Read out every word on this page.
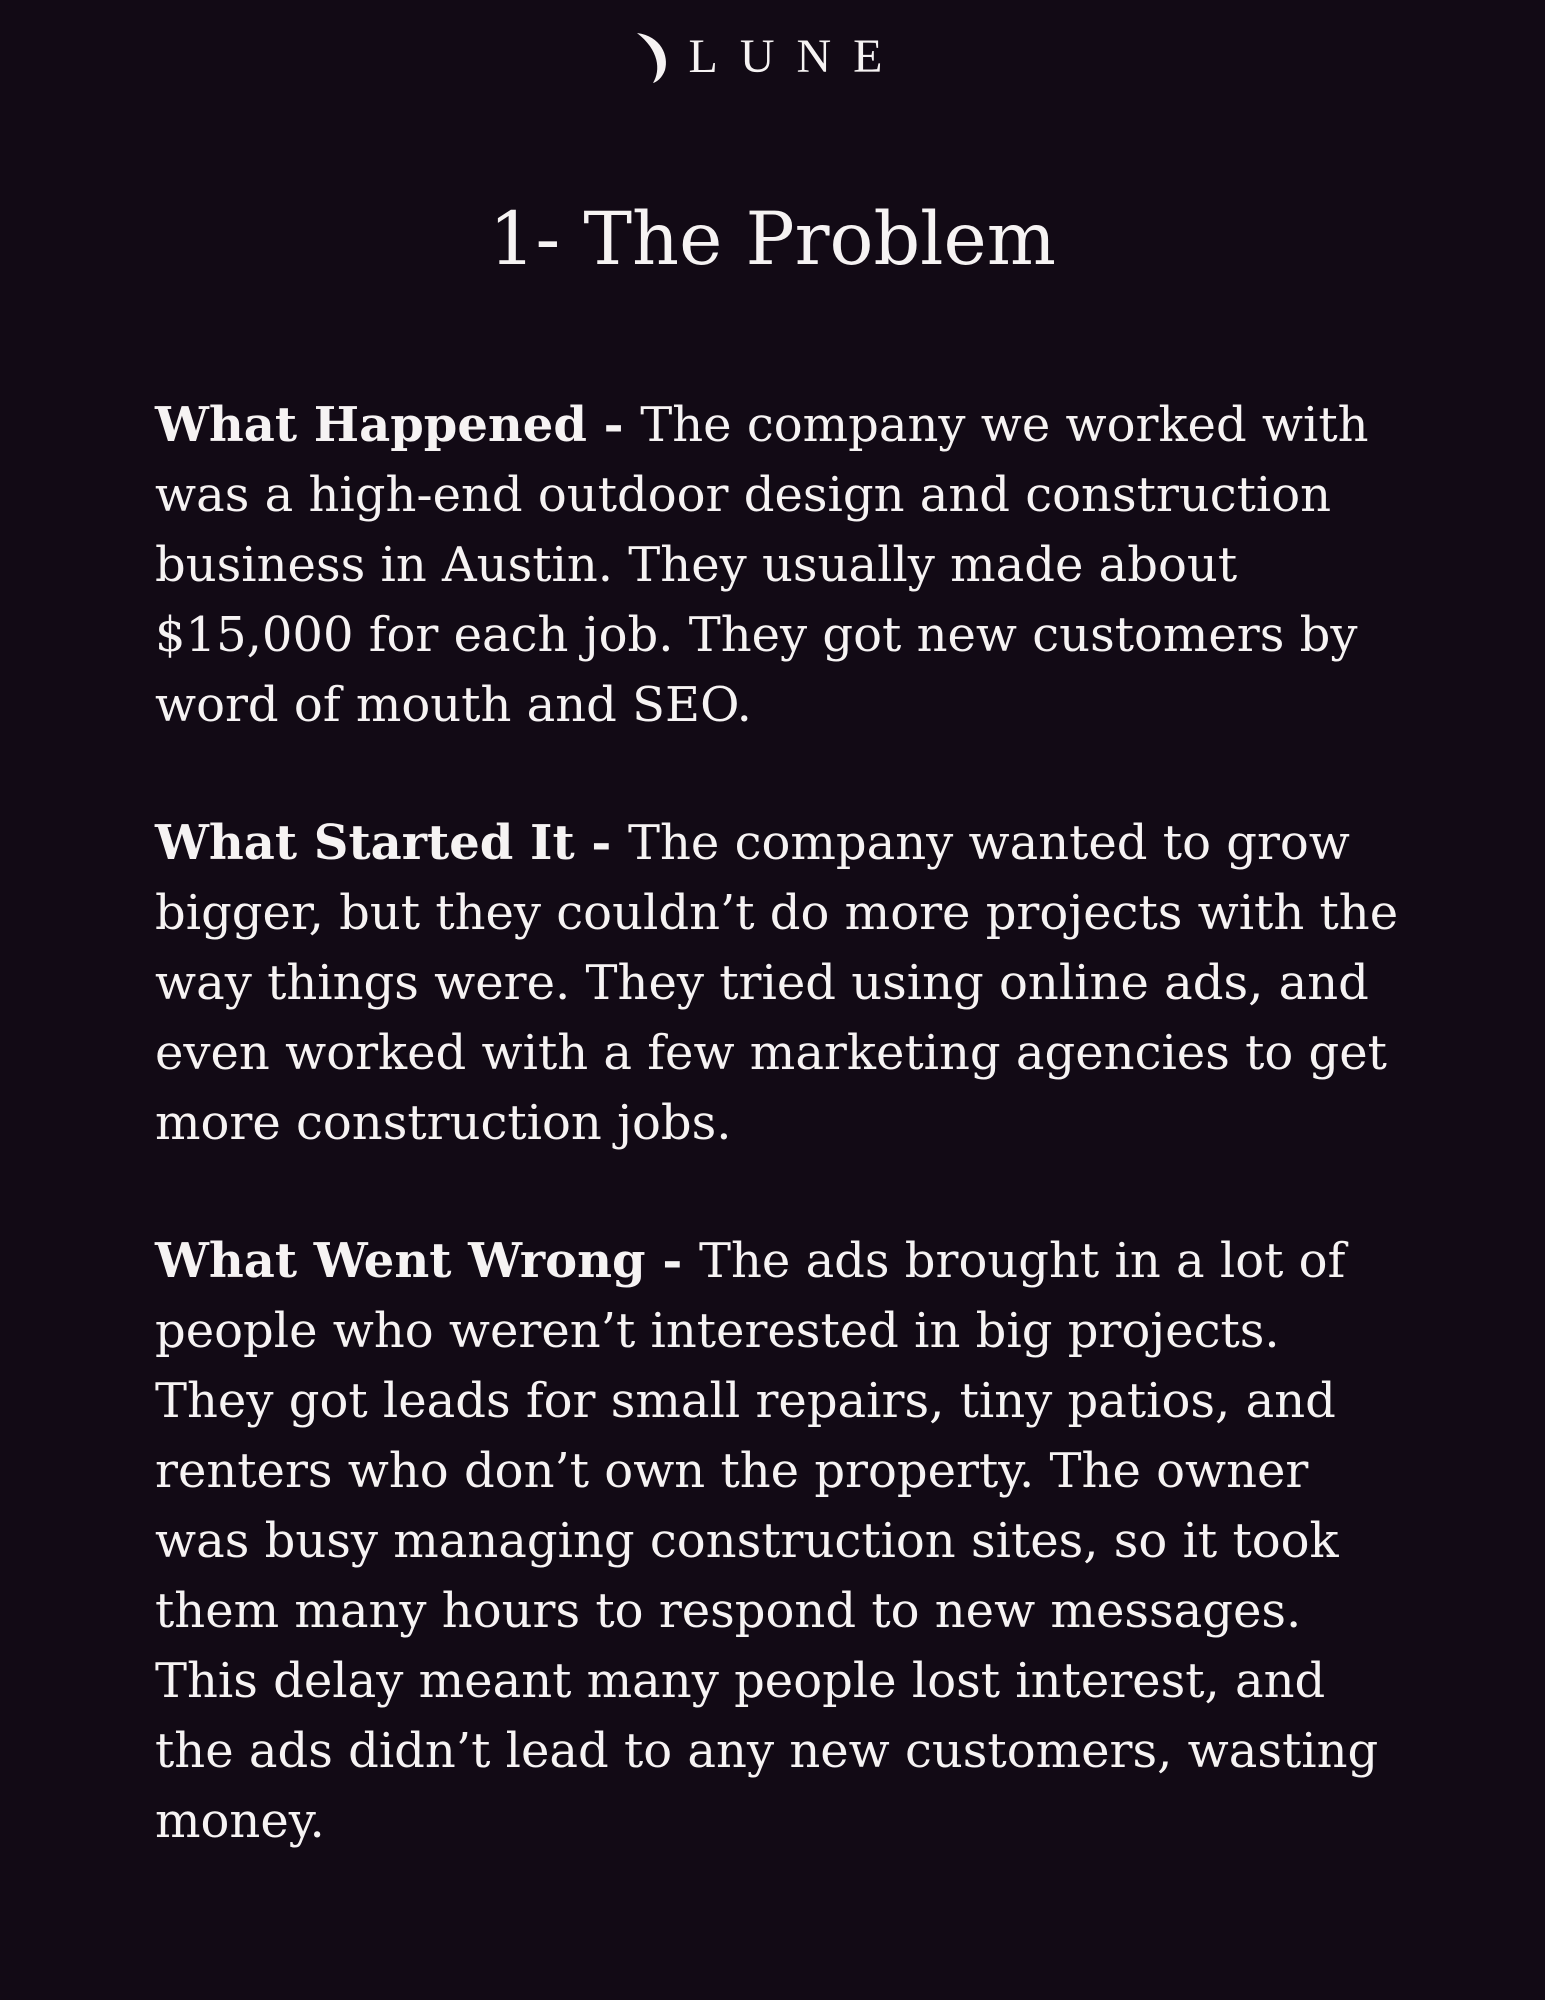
LUNE
1- The Problem

What Happened - The company we worked with was a high-end outdoor design and construction business in Austin. They usually made about $15,000 for each job. They got new customers by word of mouth and SEO.

What Started It - The company wanted to grow bigger, but they couldn’t do more projects with the way things were. They tried using online ads, and even worked with a few marketing agencies to get more construction jobs.

What Went Wrong - The ads brought in a lot of people who weren’t interested in big projects. They got leads for small repairs, tiny patios, and renters who don’t own the property. The owner was busy managing construction sites, so it took them many hours to respond to new messages. This delay meant many people lost interest, and the ads didn’t lead to any new customers, wasting money.
